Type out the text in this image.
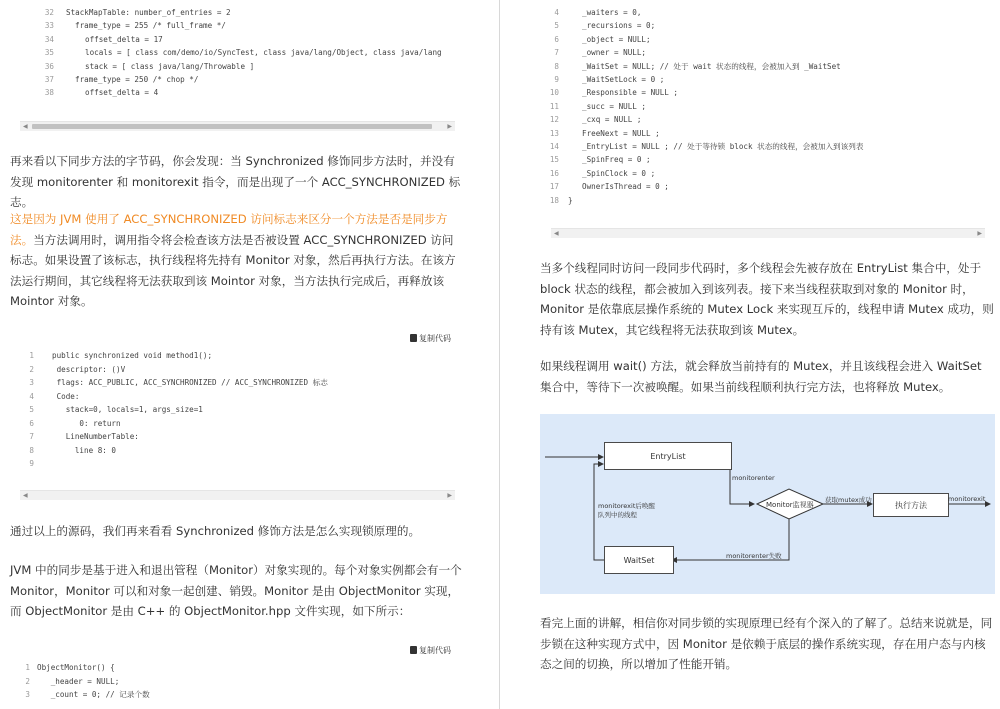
32 StackMapTable: number_of_entries = 2
33	frame_type = 255 /* full_frame */
34	offset_delta = 17
35	locals = [ class com/demo/io/SyncTest, class java/lang/Object, class java/lang
36	stack = [ class java/lang/Throwable ]
37	frame_type = 250 /* chop */
38	offset_delta = 4
◀	▶
再来看以下同步方法的字节码，你会发现：当 Synchronized 修饰同步方法时，并没有发现 monitorenter 和 monitorexit 指令，而是出现了一个 ACC_SYNCHRONIZED 标志。
这是因为 JVM 使用了 ACC_SYNCHRONIZED 访问标志来区分一个方法是否是同步方法。当方法调用时，调用指令将会检查该方法是否被设置 ACC_SYNCHRONIZED 访问标志。如果设置了该标志，执行线程将先持有 Monitor 对象，然后再执行方法。在该方法运行期间，其它线程将无法获取到该 Mointor 对象，当方法执行完成后，再释放该 Mointor 对象。
复制代码
1 public synchronized void method1();
2 descriptor: ()V
3 flags: ACC_PUBLIC, ACC_SYNCHRONIZED // ACC_SYNCHRONIZED 标志
4 Code:
5 stack=0, locals=1, args_size=1
6 0: return
7 LineNumberTable:
8 line 8: 0
9
◀	▶
通过以上的源码，我们再来看看 Synchronized 修饰方法是怎么实现锁原理的。
JVM 中的同步是基于进入和退出管程（Monitor）对象实现的。每个对象实例都会有一个 Monitor，Monitor 可以和对象一起创建、销毁。Monitor 是由 ObjectMonitor 实现，而 ObjectMonitor 是由 C++ 的 ObjectMonitor.hpp 文件实现，如下所示：
复制代码
1 ObjectMonitor() {
2 _header = NULL;
3 _count = 0; // 记录个数
4	_waiters = 0,
5	_recursions = 0;
6	_object = NULL;
7	_owner = NULL;
8	_WaitSet = NULL; // 处于 wait 状态的线程，会被加入到 _WaitSet
9	_WaitSetLock = 0 ;
10	_Responsible = NULL ;
11	_succ = NULL ;
12	_cxq = NULL ;
13	FreeNext = NULL ;
14	_EntryList = NULL ; // 处于等待锁 block 状态的线程，会被加入到该列表
15	_SpinFreq = 0 ;
16	_SpinClock = 0 ;
17	OwnerIsThread = 0 ;
18 }
◀	▶
当多个线程同时访问一段同步代码时，多个线程会先被存放在 EntryList 集合中，处于 block 状态的线程，都会被加入到该列表。接下来当线程获取到对象的 Monitor 时，Monitor 是依靠底层操作系统的 Mutex Lock 来实现互斥的，线程申请 Mutex 成功，则持有该 Mutex，其它线程将无法获取到该 Mutex。
如果线程调用 wait() 方法，就会释放当前持有的 Mutex，并且该线程会进入 WaitSet 集合中，等待下一次被唤醒。如果当前线程顺利执行完方法，也将释放 Mutex。
EntryList
WaitSet
执行方法
Monitor监视器
monitorenter
获取mutex成功	monitorexit
monitorenter失败
monitorexit后唤醒队列中的线程
看完上面的讲解，相信你对同步锁的实现原理已经有个深入的了解了。总结来说就是，同步锁在这种实现方式中，因 Monitor 是依赖于底层的操作系统实现，存在用户态与内核态之间的切换，所以增加了性能开销。
